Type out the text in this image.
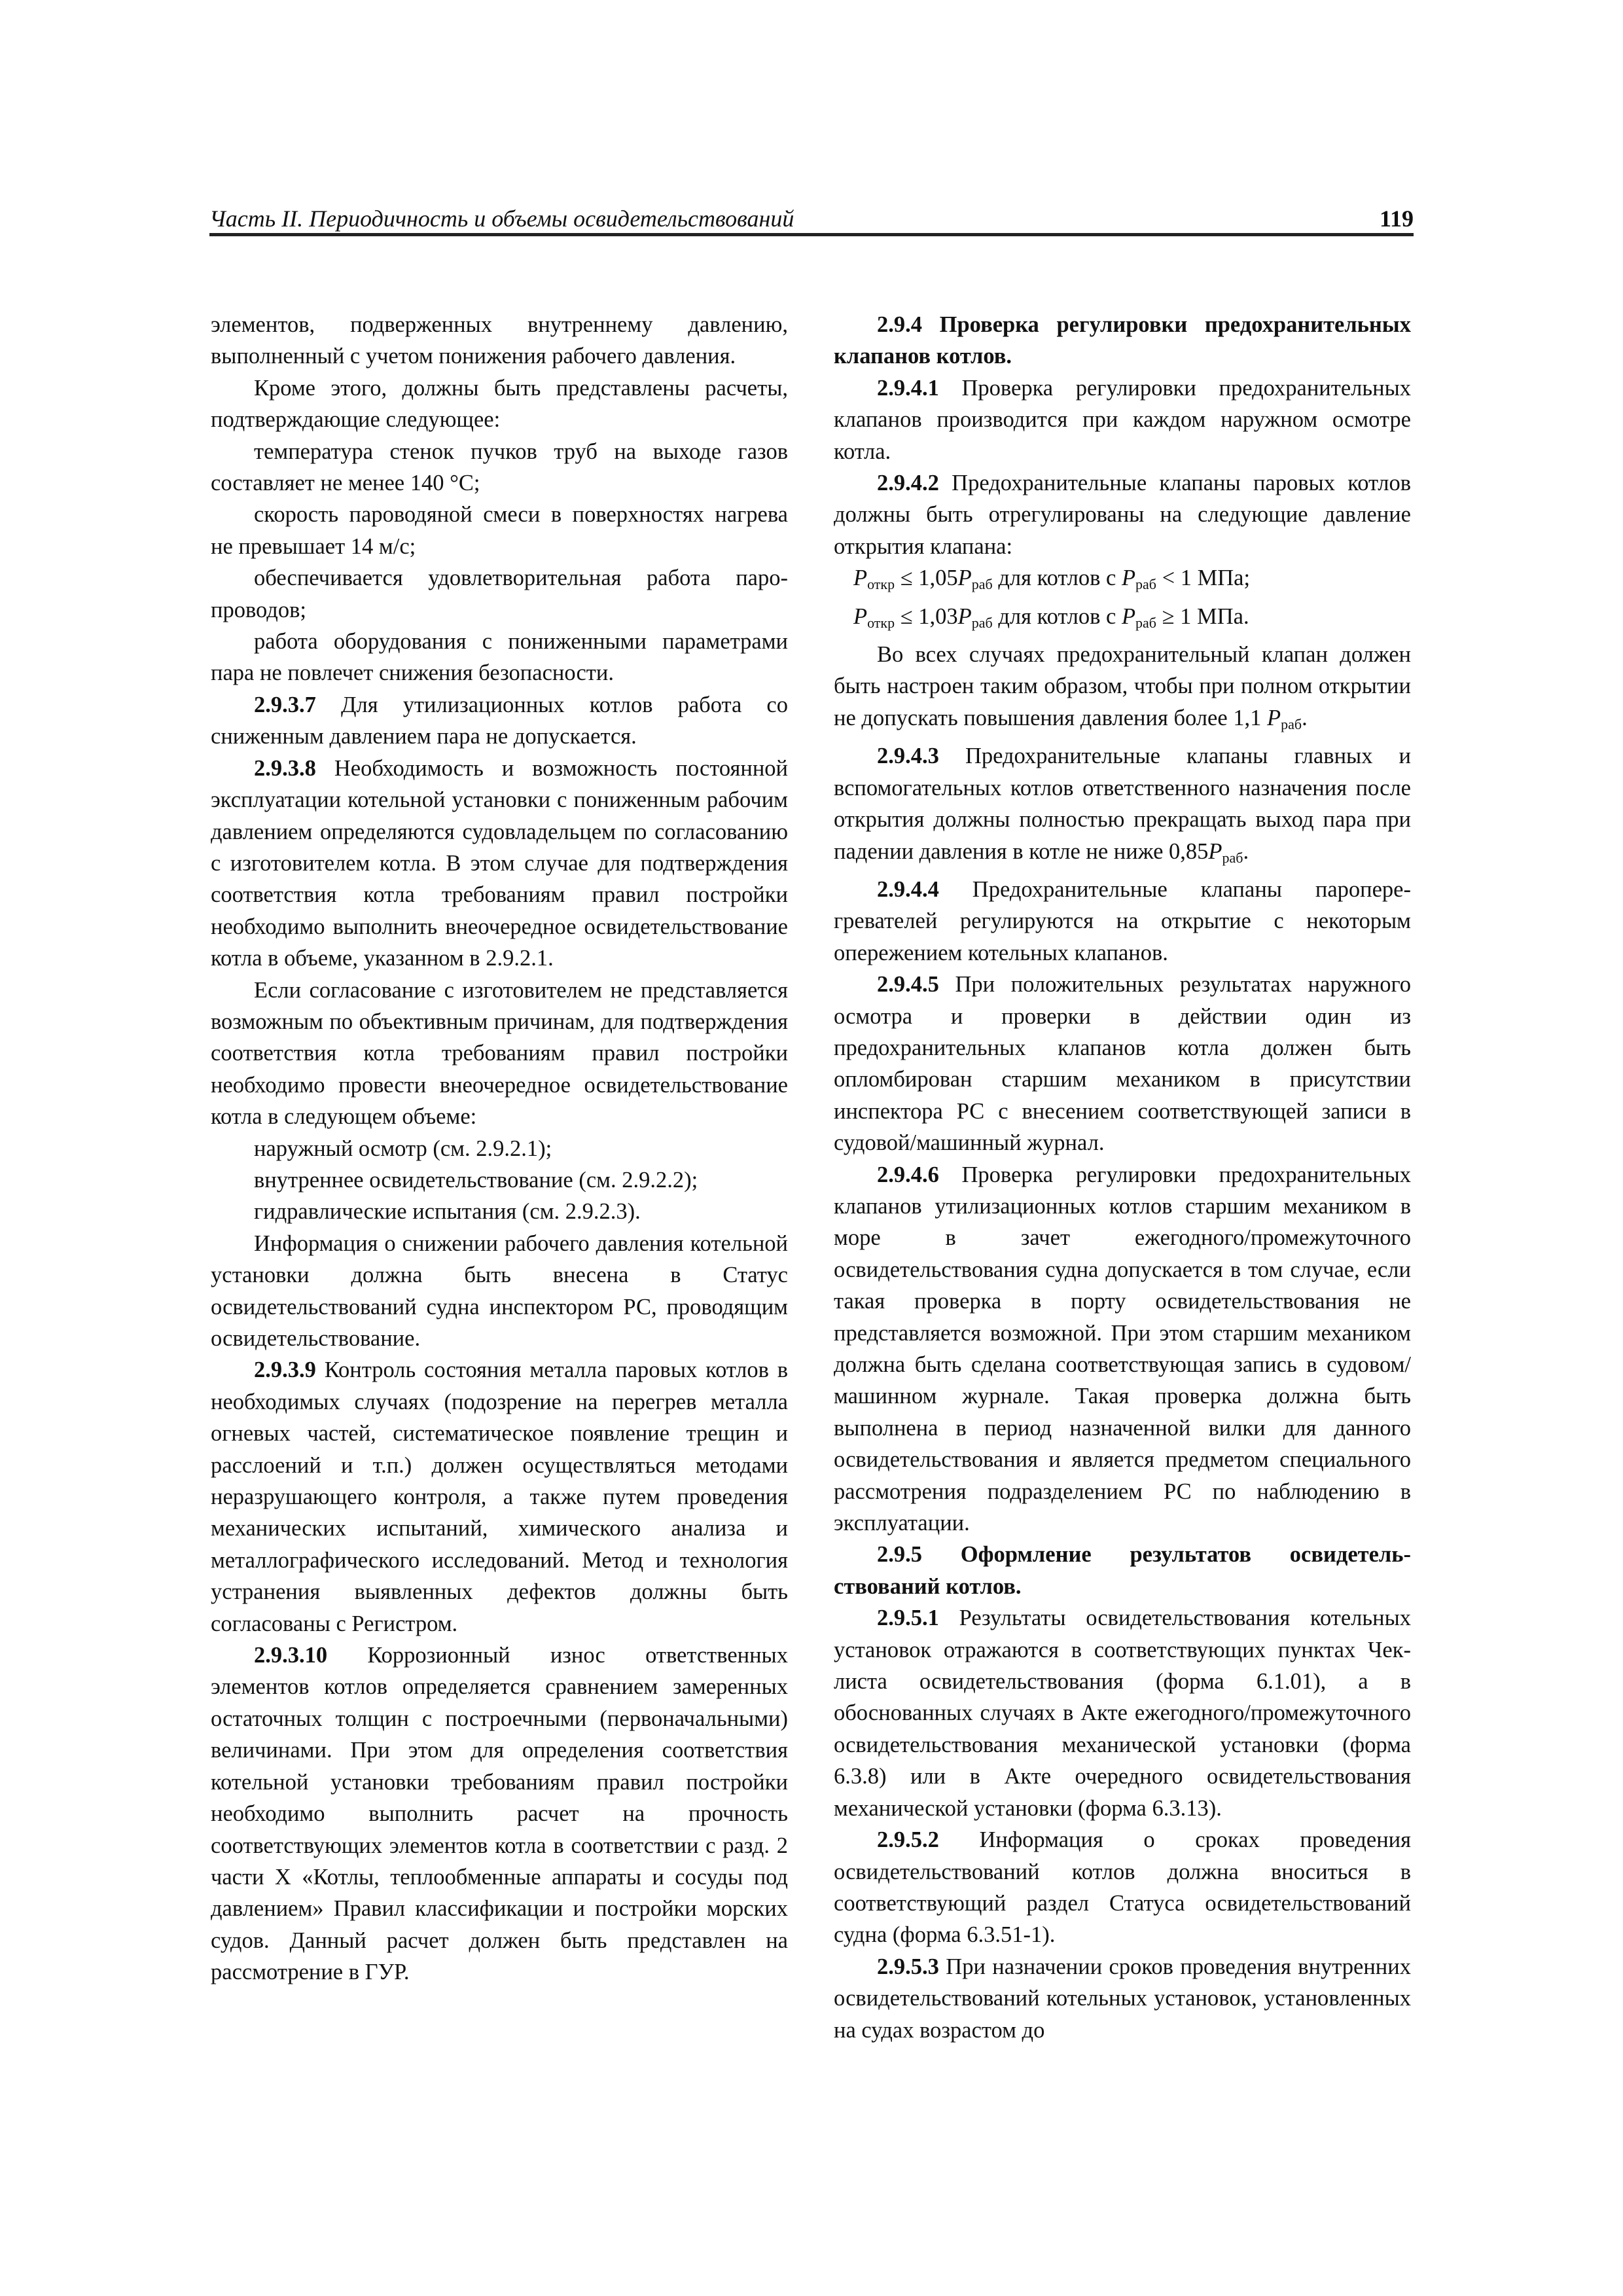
Часть II. Периодичность и объемы освидетельствований	119

элементов, подверженных внутреннему давлению, выполненный с учетом понижения рабочего давления.

Кроме этого, должны быть представлены расчеты, подтверждающие следующее:

температура стенок пучков труб на выходе газов составляет не менее 140 °С;

скорость пароводяной смеси в поверхностях нагрева не превышает 14 м/с;

обеспечивается удовлетворительная работа паропроводов;

работа оборудования с пониженными параметрами пара не повлечет снижения безопасности.

2.9.3.7 Для утилизационных котлов работа со сниженным давлением пара не допускается.

2.9.3.8 Необходимость и возможность постоянной эксплуатации котельной установки с пониженным рабочим давлением определяются судовладельцем по согласованию с изготовителем котла. В этом случае для подтверждения соответствия котла требованиям правил постройки необходимо выполнить внеочередное освидетельствование котла в объеме, указанном в 2.9.2.1.

Если согласование с изготовителем не представляется возможным по объективным причинам, для подтверждения соответствия котла требованиям правил постройки необходимо провести внеочередное освидетельствование котла в следующем объеме:

наружный осмотр (см. 2.9.2.1);

внутреннее освидетельствование (см. 2.9.2.2);

гидравлические испытания (см. 2.9.2.3).

Информация о снижении рабочего давления котельной установки должна быть внесена в Статус освидетельствований судна инспектором РС, проводящим освидетельствование.

2.9.3.9 Контроль состояния металла паровых котлов в необходимых случаях (подозрение на перегрев металла огневых частей, систематическое появление трещин и расслоений и т.п.) должен осуществляться методами неразрушающего контроля, а также путем проведения механических испытаний, химического анализа и металлографического исследований. Метод и технология устранения выявленных дефектов должны быть согласованы с Регистром.

2.9.3.10 Коррозионный износ ответственных элементов котлов определяется сравнением замеренных остаточных толщин с построечными (первоначальными) величинами. При этом для определения соответствия котельной установки требованиям правил постройки необходимо выполнить расчет на прочность соответствующих элементов котла в соответствии с разд. 2 части X «Котлы, теплообменные аппараты и сосуды под давлением» Правил классификации и постройки морских судов. Данный расчет должен быть представлен на рассмотрение в ГУР.

2.9.4 Проверка регулировки предохранительных клапанов котлов.

2.9.4.1 Проверка регулировки предохранительных клапанов производится при каждом наружном осмотре котла.

2.9.4.2 Предохранительные клапаны паровых котлов должны быть отрегулированы на следующие давление открытия клапана:

$P_{откр} \le 1,05P_{раб}$ для котлов с $P_{раб} < 1$ МПа;

$P_{откр} \le 1,03P_{раб}$ для котлов с $P_{раб} \ge 1$ МПа.

Во всех случаях предохранительный клапан должен быть настроен таким образом, чтобы при полном открытии не допускать повышения давления более 1,1 $P_{раб}$.

2.9.4.3 Предохранительные клапаны главных и вспомогательных котлов ответственного назначения после открытия должны полностью прекращать выход пара при падении давления в котле не ниже $0,85P_{раб}$.

2.9.4.4 Предохранительные клапаны пароперегревателей регулируются на открытие с некоторым опережением котельных клапанов.

2.9.4.5 При положительных результатах наружного осмотра и проверки в действии один из предохранительных клапанов котла должен быть опломбирован старшим механиком в присутствии инспектора РС с внесением соответствующей записи в судовой/машинный журнал.

2.9.4.6 Проверка регулировки предохранительных клапанов утилизационных котлов старшим механиком в море в зачет ежегодного/промежуточного освидетельствования судна допускается в том случае, если такая проверка в порту освидетельствования не представляется возможной. При этом старшим механиком должна быть сделана соответствующая запись в судовом/машинном журнале. Такая проверка должна быть выполнена в период назначенной вилки для данного освидетельствования и является предметом специального рассмотрения подразделением РС по наблюдению в эксплуатации.

2.9.5 Оформление результатов освидетельствований котлов.

2.9.5.1 Результаты освидетельствования котельных установок отражаются в соответствующих пунктах Чек-листа освидетельствования (форма 6.1.01), а в обоснованных случаях в Акте ежегодного/промежуточного освидетельствования механической установки (форма 6.3.8) или в Акте очередного освидетельствования механической установки (форма 6.3.13).

2.9.5.2 Информация о сроках проведения освидетельствований котлов должна вноситься в соответствующий раздел Статуса освидетельствований судна (форма 6.3.51-1).

2.9.5.3 При назначении сроков проведения внутренних освидетельствований котельных установок, установленных на судах возрастом до
